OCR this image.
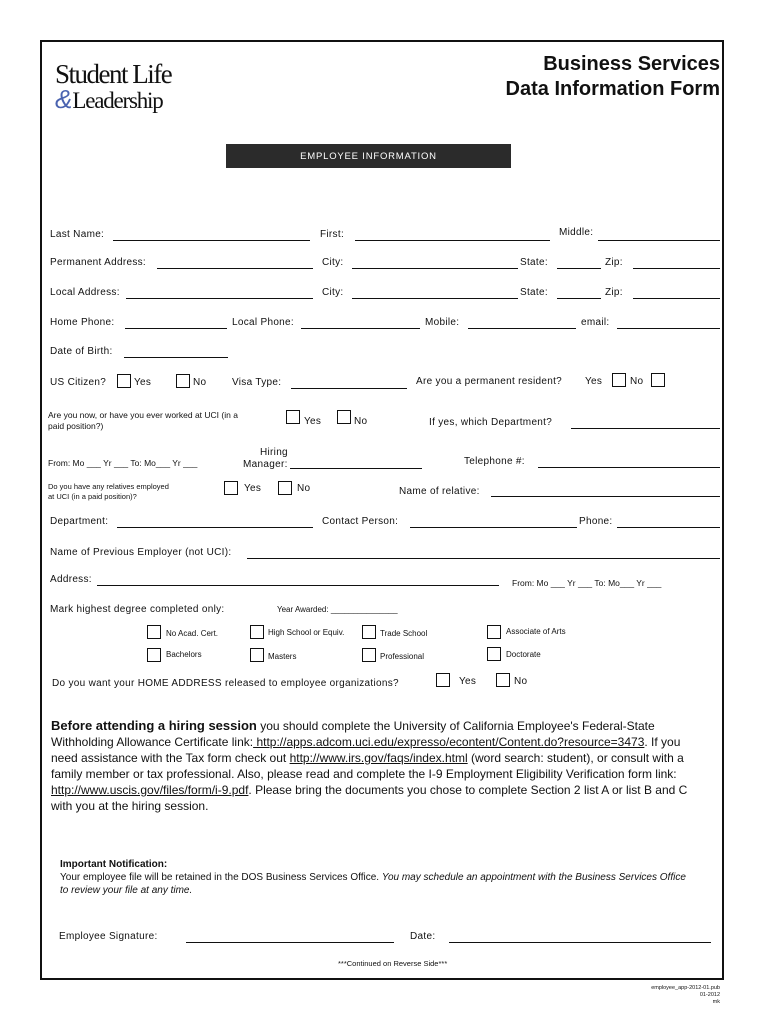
Student Life
&Leadership
Business Services
Data Information Form
EMPLOYEE INFORMATION
Last Name:	First:	Middle:
Permanent Address:	City:	State:	Zip:
Local Address:	City:	State:	Zip:
Home Phone:	Local Phone:	Mobile:	email:
Date of Birth:
US Citizen?	Yes	No	Visa Type:	Are you a permanent resident? Yes	No
Are you now, or have you ever worked at UCI (in a
paid position?)	Yes	No	If yes, which Department?
From: Mo ___ Yr ___ To: Mo___ Yr ___
Hiring
Manager:	Telephone #:
Do you have any relatives employed
at UCI (in a paid position)?
Yes	No	Name of relative:
Department:	Contact Person:	Phone:
Name of Previous Employer (not UCI):
Address:	From: Mo ___ Yr ___ To: Mo___ Yr ___
Mark highest degree completed only:	Year Awarded: _______________
No Acad. Cert.	High School or Equiv.	Trade School	Associate of Arts
Bachelors	Masters	Professional	Doctorate
Do you want your HOME ADDRESS released to employee organizations?	Yes	No
Before attending a hiring session you should complete the University of California Employee's Federal-State Withholding Allowance Certificate link: http://apps.adcom.uci.edu/expresso/econtent/Content.do?resource=3473. If you need assistance with the Tax form check out http://www.irs.gov/faqs/index.html (word search: student), or consult with a family member or tax professional. Also, please read and complete the I-9 Employment Eligibility Verification form link: http://www.uscis.gov/files/form/i-9.pdf. Please bring the documents you chose to complete Section 2 list A or list B and C with you at the hiring session.
Important Notification:
Your employee file will be retained in the DOS Business Services Office. You may schedule an appointment with the Business Services Office to review your file at any time.
Employee Signature:	Date:
***Continued on Reverse Side***
employee_app-2012-01.pub
01-2012
mk
